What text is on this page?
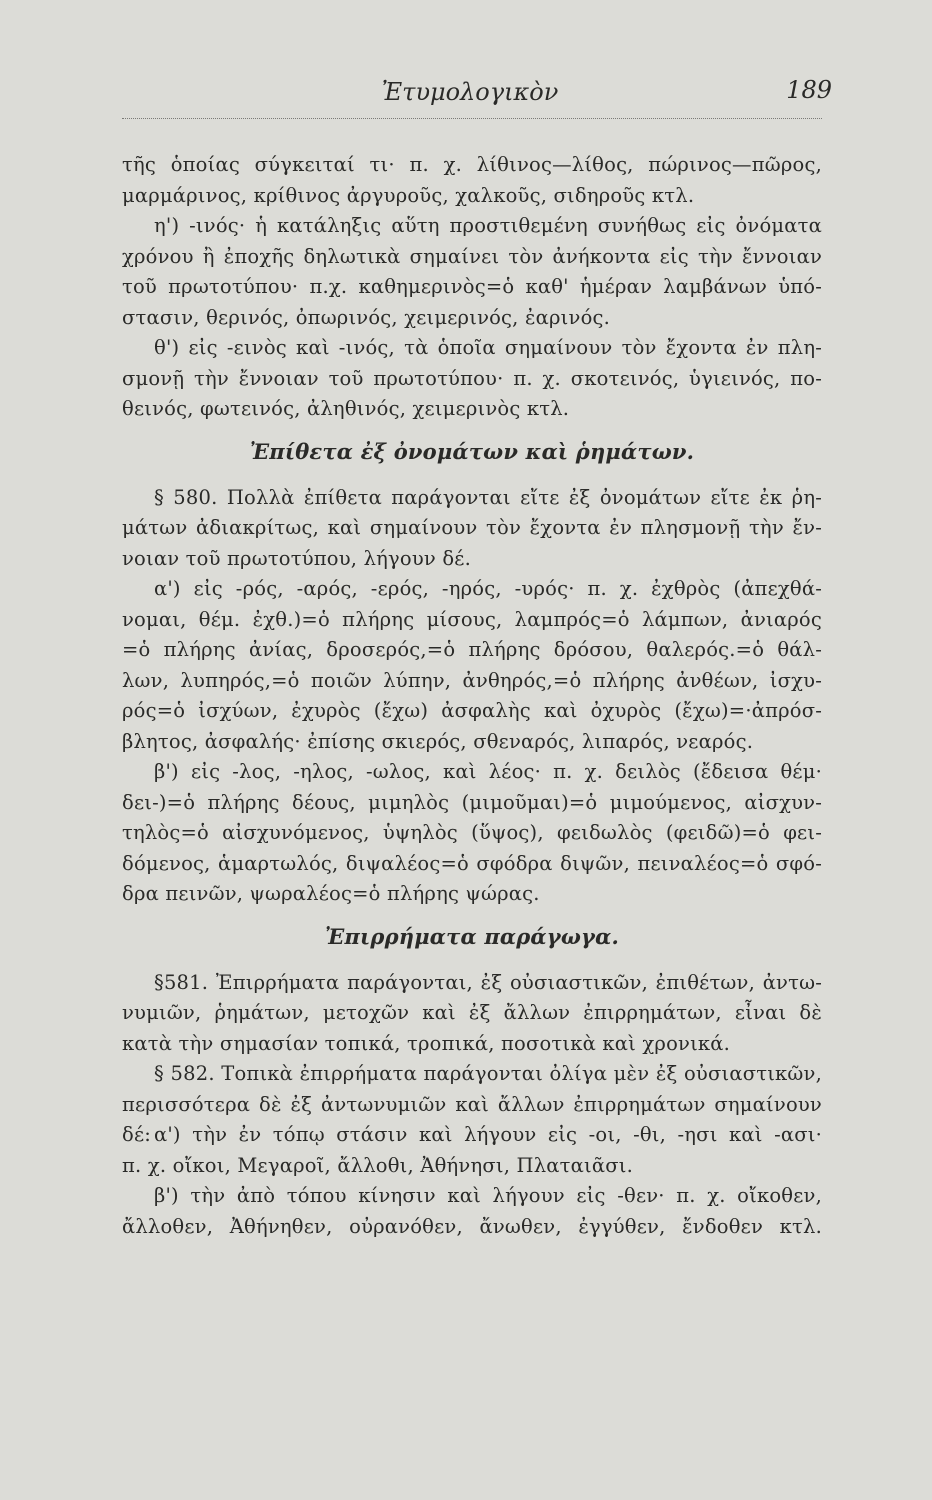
Ἐτυμολογικὸν	189
τῆς ὁποίας σύγκειταί τι· π. χ. λίθινος—λίθος, πώρινος—πῶρος,
μαρμάρινος, κρίθινος ἀργυροῦς, χαλκοῦς, σιδηροῦς κτλ.
η') -ινός· ἡ κατάληξις αὕτη προστιθεμένη συνήθως εἰς ὀνόματα
χρόνου ἢ ἐποχῆς δηλωτικὰ σημαίνει τὸν ἀνήκοντα εἰς τὴν ἔννοιαν
τοῦ πρωτοτύπου· π.χ. καθημερινὸς=ὁ καθ' ἡμέραν λαμβάνων ὑπό-
στασιν, θερινός, ὀπωρινός, χειμερινός, ἐαρινός.
θ') εἰς -εινὸς καὶ -ινός, τὰ ὁποῖα σημαίνουν τὸν ἔχοντα ἐν πλη-
σμονῇ τὴν ἔννοιαν τοῦ πρωτοτύπου· π. χ. σκοτεινός, ὑγιεινός, πο-
θεινός, φωτεινός, ἀληθινός, χειμερινὸς κτλ.
Ἐπίθετα ἐξ ὀνομάτων καὶ ῥημάτων.
§ 580. Πολλὰ ἐπίθετα παράγονται εἴτε ἐξ ὀνομάτων εἴτε ἐκ ῥη-
μάτων ἀδιακρίτως, καὶ σημαίνουν τὸν ἔχοντα ἐν πλησμονῇ τὴν ἔν-
νοιαν τοῦ πρωτοτύπου, λήγουν δέ.
α') εἰς -ρός, -αρός, -ερός, -ηρός, -υρός· π. χ. ἐχθρὸς (ἀπεχθά-
νομαι, θέμ. ἐχθ.)=ὁ πλήρης μίσους, λαμπρός=ὁ λάμπων, ἀνιαρός
=ὁ πλήρης ἀνίας, δροσερός,=ὁ πλήρης δρόσου, θαλερός.=ὁ θάλ-
λων, λυπηρός,=ὁ ποιῶν λύπην, ἀνθηρός,=ὁ πλήρης ἀνθέων, ἰσχυ-
ρός=ὁ ἰσχύων, ἐχυρὸς (ἔχω) ἀσφαλὴς καὶ ὀχυρὸς (ἔχω)=·ἀπρόσ-
βλητος, ἀσφαλής· ἐπίσης σκιερός, σθεναρός, λιπαρός, νεαρός.
β') εἰς -λος, -ηλος, -ωλος, καὶ λέος· π. χ. δειλὸς (ἔδεισα θέμ·
δει-)=ὁ πλήρης δέους, μιμηλὸς (μιμοῦμαι)=ὁ μιμούμενος, αἰσχυν-
τηλὸς=ὁ αἰσχυνόμενος, ὑψηλὸς (ὕψος), φειδωλὸς (φειδῶ)=ὁ φει-
δόμενος, ἁμαρτωλός, διψαλέος=ὁ σφόδρα διψῶν, πειναλέος=ὁ σφό-
δρα πεινῶν, ψωραλέος=ὁ πλήρης ψώρας.
Ἐπιρρήματα παράγωγα.
§581. Ἐπιρρήματα παράγονται, ἐξ οὐσιαστικῶν, ἐπιθέτων, ἀντω-
νυμιῶν, ῥημάτων, μετοχῶν καὶ ἐξ ἄλλων ἐπιρρημάτων, εἶναι δὲ
κατὰ τὴν σημασίαν τοπικά, τροπικά, ποσοτικὰ καὶ χρονικά.
§ 582. Τοπικὰ ἐπιρρήματα παράγονται ὀλίγα μὲν ἐξ οὐσιαστικῶν,
περισσότερα δὲ ἐξ ἀντωνυμιῶν καὶ ἄλλων ἐπιρρημάτων σημαίνουν δέ: α') τὴν ἐν τόπῳ στάσιν καὶ λήγουν εἰς -οι, -θι, -ησι καὶ -ασι·
π. χ. οἴκοι, Μεγαροῖ, ἄλλοθι, Ἀθήνησι, Πλαταιᾶσι.
β') τὴν ἀπὸ τόπου κίνησιν καὶ λήγουν εἰς -θεν· π. χ. οἴκοθεν,
ἄλλοθεν, Ἀθήνηθεν, οὐρανόθεν, ἄνωθεν, ἐγγύθεν, ἔνδοθεν κτλ.
